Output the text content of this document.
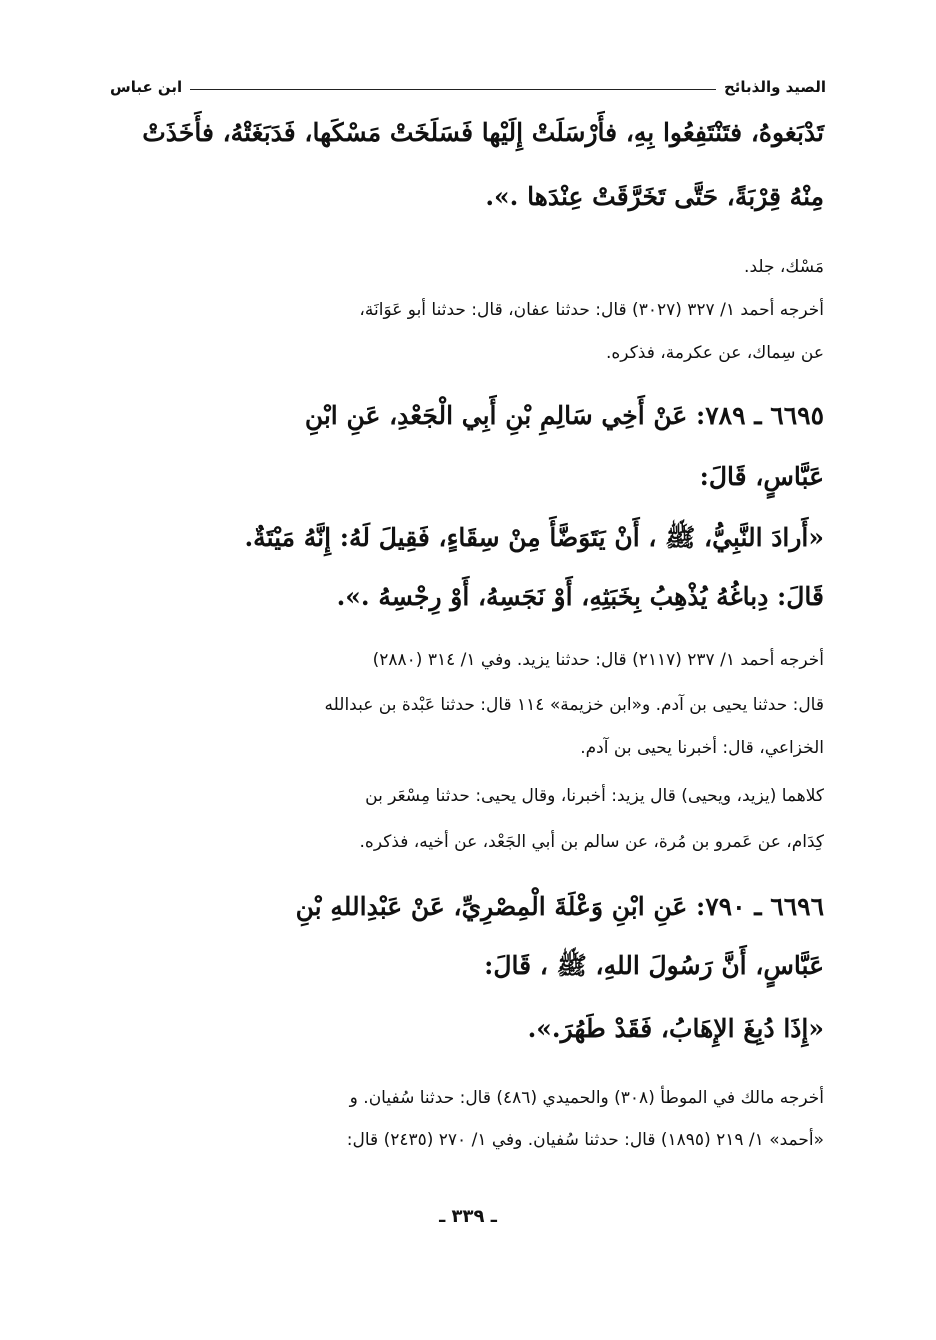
الصيد والذبائح
ابن عباس
تَدْبَغوهُ، فتَنْتَفِعُوا بِهِ، فأَرْسَلَتْ إِلَيْها فَسَلَخَتْ مَسْكَها، فَدَبَغَتْهُ، فأَخَذَتْ
مِنْهُ قِرْبَةً، حَتَّى تَخَرَّقَتْ عِنْدَها .».
مَسْك، جلد.
أخرجه أحمد ١/ ٣٢٧ (٣٠٢٧) قال: حدثنا عفان، قال: حدثنا أبو عَوَانَة،
عن سِماك، عن عكرمة، فذكره.
٦٦٩٥ ـ ٧٨٩: عَنْ أَخِي سَالِمِ بْنِ أَبِي الْجَعْدِ، عَنِ ابْنِ
عَبَّاسٍ، قَالَ:
«أَرادَ النَّبِيُّ، ﷺ ، أَنْ يَتَوَضَّأَ مِنْ سِقَاءٍ، فَقِيلَ لَهُ: إِنَّهُ مَيْتَةٌ.
قَالَ: دِباغُهُ يُذْهِبُ بِخَبَثِهِ، أَوْ نَجَسِهُ، أَوْ رِجْسِهُ .».
أخرجه أحمد ١/ ٢٣٧ (٢١١٧) قال: حدثنا يزيد. وفي ١/ ٣١٤ (٢٨٨٠)
قال: حدثنا يحيى بن آدم. و«ابن خزيمة» ١١٤ قال: حدثنا عَبْدة بن عبدالله
الخزاعي، قال: أخبرنا يحيى بن آدم.
كلاهما (يزيد، ويحيى) قال يزيد: أخبرنا، وقال يحيى: حدثنا مِسْعَر بن
كِدَام، عن عَمرو بن مُرة، عن سالم بن أبي الجَعْد، عن أخيه، فذكره.
٦٦٩٦ ـ ٧٩٠: عَنِ ابْنِ وَعْلَةَ الْمِصْرِيِّ، عَنْ عَبْدِاللهِ بْنِ
عَبَّاسٍ، أَنَّ رَسُولَ اللهِ، ﷺ ، قَالَ:
«إِذَا دُبِغَ الإِهَابُ، فَقَدْ طَهُرَ.».
أخرجه مالك في الموطأ (٣٠٨) والحميدي (٤٨٦) قال: حدثنا سُفيان. و
«أحمد» ١/ ٢١٩ (١٨٩٥) قال: حدثنا سُفيان. وفي ١/ ٢٧٠ (٢٤٣٥) قال:
ـ ٣٣٩ ـ
